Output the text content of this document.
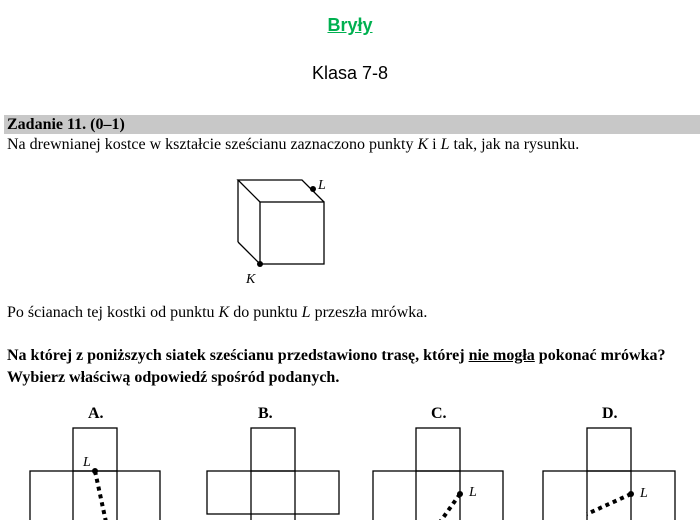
Bryły
Klasa 7-8
Zadanie 11. (0–1)
Na drewnianej kostce w kształcie sześcianu zaznaczono punkty K i L tak, jak na rysunku.
L
K
Po ścianach tej kostki od punktu K do punktu L przeszła mrówka.
Na której z poniższych siatek sześcianu przedstawiono trasę, której nie mogła pokonać mrówka? Wybierz właściwą odpowiedź spośród podanych.
A.	B.	C.	D.
L
L	L
